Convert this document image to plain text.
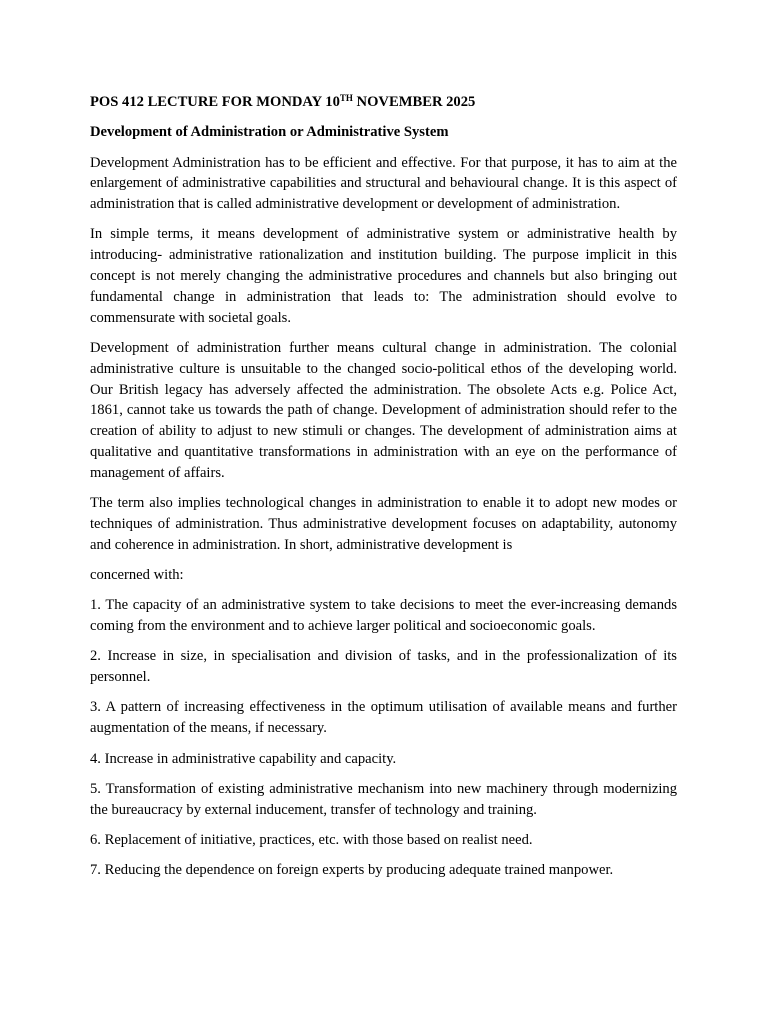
POS 412 LECTURE FOR MONDAY 10TH NOVEMBER 2025

Development of Administration or Administrative System

Development Administration has to be efficient and effective. For that purpose, it has to aim at the enlargement of administrative capabilities and structural and behavioural change. It is this aspect of administration that is called administrative development or development of administration.

In simple terms, it means development of administrative system or administrative health by introducing- administrative rationalization and institution building. The purpose implicit in this concept is not merely changing the administrative procedures and channels but also bringing out fundamental change in administration that leads to: The administration should evolve to commensurate with societal goals.

Development of administration further means cultural change in administration. The colonial administrative culture is unsuitable to the changed socio-political ethos of the developing world. Our British legacy has adversely affected the administration. The obsolete Acts e.g. Police Act, 1861, cannot take us towards the path of change. Development of administration should refer to the creation of ability to adjust to new stimuli or changes. The development of administration aims at qualitative and quantitative transformations in administration with an eye on the performance of management of affairs.

The term also implies technological changes in administration to enable it to adopt new modes or techniques of administration. Thus administrative development focuses on adaptability, autonomy and coherence in administration. In short, administrative development is

concerned with:

1. The capacity of an administrative system to take decisions to meet the ever-increasing demands coming from the environment and to achieve larger political and socioeconomic goals.

2. Increase in size, in specialisation and division of tasks, and in the professionalization of its personnel.

3. A pattern of increasing effectiveness in the optimum utilisation of available means and further augmentation of the means, if necessary.

4. Increase in administrative capability and capacity.

5. Transformation of existing administrative mechanism into new machinery through modernizing the bureaucracy by external inducement, transfer of technology and training.

6. Replacement of initiative, practices, etc. with those based on realist need.

7. Reducing the dependence on foreign experts by producing adequate trained manpower.
